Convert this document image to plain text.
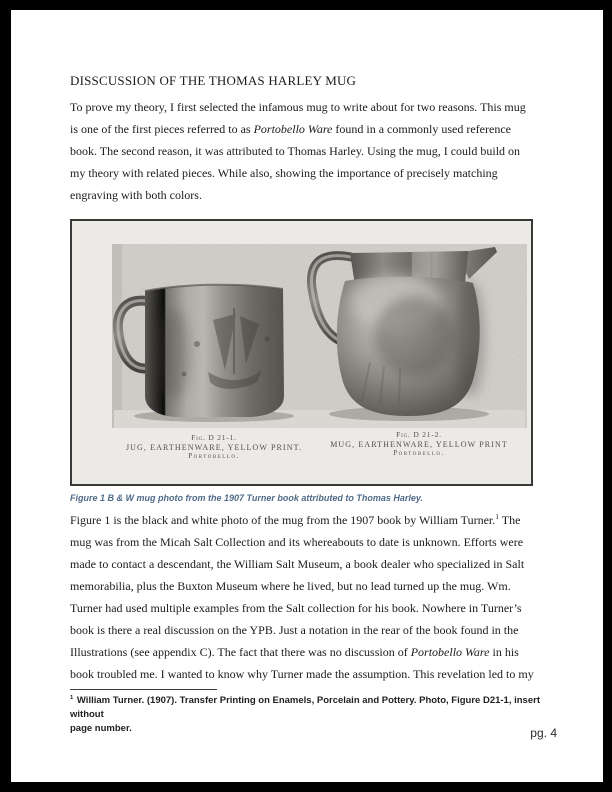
DISSCUSSION OF THE THOMAS HARLEY MUG

To prove my theory, I first selected the infamous mug to write about for two reasons. This mug
is one of the first pieces referred to as Portobello Ware found in a commonly used reference
book. The second reason, it was attributed to Thomas Harley. Using the mug, I could build on
my theory with related pieces. While also, showing the importance of precisely matching
engraving with both colors.

Fig. D 21-1.
JUG, EARTHENWARE, YELLOW PRINT.
Portobello.
Fig. D 21-2.
MUG, EARTHENWARE, YELLOW PRINT
Portobello.
Figure 1 B & W mug photo from the 1907 Turner book attributed to Thomas Harley.

Figure 1 is the black and white photo of the mug from the 1907 book by William Turner.$^1$ The
mug was from the Micah Salt Collection and its whereabouts to date is unknown. Efforts were
made to contact a descendant, the William Salt Museum, a book dealer who specialized in Salt
memorabilia, plus the Buxton Museum where he lived, but no lead turned up the mug. Wm.
Turner had used multiple examples from the Salt collection for his book. Nowhere in Turner’s
book is there a real discussion on the YPB. Just a notation in the rear of the book found in the
Illustrations (see appendix C). The fact that there was no discussion of Portobello Ware in his
book troubled me. I wanted to know why Turner made the assumption. This revelation led to my

$^1$ William Turner. (1907). Transfer Printing on Enamels, Porcelain and Pottery. Photo, Figure D21-1, insert without
page number.	pg. 4
